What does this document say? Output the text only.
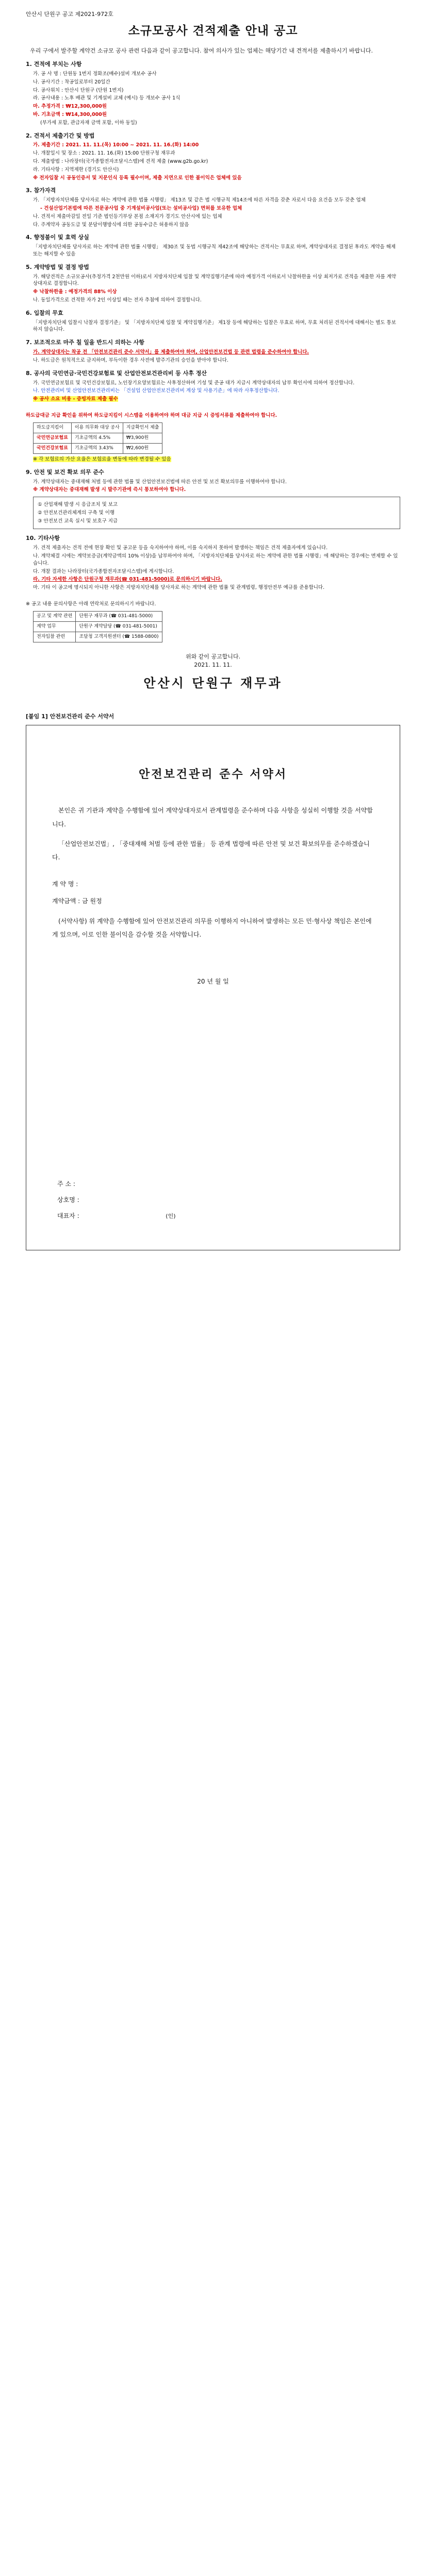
안산시 단원구 공고 제2021-972호
소규모공사 견적제출 안내 공고
우리 구에서 발주할 계약건 소규모 공사 관련 다음과 같이 공고합니다. 참여 의사가 있는 업체는 해당기간 내 견적서를 제출하시기 바랍니다.
1. 견적에 부치는 사항
가. 공 사 명 : 단원동 1번지 정화조(배수)설비 개보수 공사
나. 공사기간 : 착공일로부터 20일간
다. 공사위치 : 안산시 단원구 (단원 1번지)
라. 공사내용 : 노후 배관 및 기계설비 교체 (예시) 등 개보수 공사 1식
마. 추정가격 : ₩12,300,000원
바. 기초금액 : ₩14,300,000원
(부가세 포함, 관급자재 금액 포함, 이하 동일)
2. 견적서 제출기간 및 방법
가. 제출기간 : 2021. 11. 11.(목) 10:00 ~ 2021. 11. 16.(화) 14:00
나. 개찰일시 및 장소 : 2021. 11. 16.(화) 15:00 단원구청 재무과
다. 제출방법 : 나라장터(국가종합전자조달시스템)에 견적 제출 (www.g2b.go.kr)
라. 기타사항 : 지역제한 (경기도 안산시)
※ 전자입찰 시 공동인증서 및 지문인식 등록 필수이며, 제출 지연으로 인한 불이익은 업체에 있음
3. 참가자격
가. 「지방자치단체를 당사자로 하는 계약에 관한 법률 시행령」 제13조 및 같은 법 시행규칙 제14조에 따른 자격을 갖춘 자로서 다음 요건을 모두 갖춘 업체
- 건설산업기본법에 따른 전문공사업 중 기계설비공사업(또는 설비공사업) 면허를 보유한 업체
나. 견적서 제출마감일 전일 기준 법인등기부상 본점 소재지가 경기도 안산시에 있는 업체
다. 주계약자 공동도급 및 분담이행방식에 의한 공동수급은 허용하지 않음
4. 향정불이 및 효력 상실
「지방자치단체를 당사자로 하는 계약에 관한 법률 시행령」 제30조 및 동법 시행규칙 제42조에 해당하는 견적서는 무효로 하며, 계약상대자로 결정된 후라도 계약을 해제 또는 해지할 수 있음
5. 계약방법 및 결정 방법
가. 해당견적은 소규모공사(추정가격 2천만원 이하)로서 지방자치단체 입찰 및 계약집행기준에 따라 예정가격 이하로서 낙찰하한율 이상 최저가로 견적을 제출한 자를 계약상대자로 결정합니다.
※ 낙찰하한율 : 예정가격의 88% 이상
나. 동일가격으로 견적한 자가 2인 이상일 때는 전자 추첨에 의하여 결정합니다.
6. 입찰의 무효
「지방자치단체 입찰시 낙찰자 결정기준」 및 「지방자치단체 입찰 및 계약집행기준」 제1장 등에 해당하는 입찰은 무효로 하며, 무효 처리된 견적서에 대해서는 별도 통보하지 않습니다.
7. 보조적으로 마주 칠 일을 반드시 의하는 사항
가. 계약상대자는 착공 전 「안전보건관리 준수 서약서」를 제출하여야 하며, 산업안전보건법 등 관련 법령을 준수하여야 합니다.
나. 하도급은 원칙적으로 금지하며, 부득이한 경우 사전에 발주기관의 승인을 받아야 합니다.
8. 공사의 국민연금·국민건강보험료 및 산업안전보건관리비 등 사후 정산
가. 국민연금보험료 및 국민건강보험료, 노인장기요양보험료는 사후정산하며 기성 및 준공 대가 지급시 계약상대자의 납부 확인서에 의하여 정산합니다.
나. 안전관리비 및 산업안전보건관리비는 「건설업 산업안전보건관리비 계상 및 사용기준」에 따라 사후정산합니다.
※ 공사 소요 비용 - 증빙자료 제출 필수
하도급대금 지급 확인을 위하여 하도급지킴이 시스템을 이용하여야 하며 대금 지급 시 증빙서류를 제출하여야 합니다.
하도급지킴이	이용 의무화 대상 공사	지급확인서 제출
국민연금보험료	기초금액의 4.5%	₩3,900원
국민건강보험료	기초금액의 3.43%	₩2,600원
※ 각 보험료의 가산 요율은 보험료율 변동에 따라 변경될 수 있음
9. 안전 및 보건 확보 의무 준수
가. 계약상대자는 중대재해 처벌 등에 관한 법률 및 산업안전보건법에 따른 안전 및 보건 확보의무를 이행하여야 합니다.
※ 계약상대자는 중대재해 발생 시 발주기관에 즉시 통보하여야 합니다.
① 산업재해 발생 시 응급조치 및 보고
② 안전보건관리체계의 구축 및 이행
③ 안전보건 교육 실시 및 보호구 지급
10. 기타사항
가. 견적 제출자는 견적 전에 현장 확인 및 공고문 등을 숙지하여야 하며, 이를 숙지하지 못하여 발생하는 책임은 견적 제출자에게 있습니다.
나. 계약체결 시에는 계약보증금(계약금액의 10% 이상)을 납부하여야 하며, 「지방자치단체를 당사자로 하는 계약에 관한 법률 시행령」에 해당하는 경우에는 면제할 수 있습니다.
다. 개찰 결과는 나라장터(국가종합전자조달시스템)에 게시합니다.
라. 기타 자세한 사항은 단원구청 재무과(☎ 031-481-5000)로 문의하시기 바랍니다.
마. 기타 이 공고에 명시되지 아니한 사항은 지방자치단체를 당사자로 하는 계약에 관한 법률 및 관계법령, 행정안전부 예규를 준용합니다.
※ 공고 내용 문의사항은 아래 연락처로 문의하시기 바랍니다.
공고 및 계약 관련	단원구 재무과 (☎ 031-481-5000)
계약 업무	단원구 계약담당 (☎ 031-481-5001)
전자입찰 관련	조달청 고객지원센터 (☎ 1588-0800)
위와 같이 공고합니다.
2021. 11. 11.
안산시 단원구 재무과
[붙임 1] 안전보건관리 준수 서약서
안전보건관리 준수 서약서

본인은 귀 기관과 계약을 수행함에 있어 계약상대자로서 관계법령을 준수하며 다음 사항을 성실히 이행할 것을 서약합니다.

「산업안전보건법」, 「중대재해 처벌 등에 관한 법률」 등 관계 법령에 따른 안전 및 보건 확보의무를 준수하겠습니다.

계 약 명 :
계약금액 : 금 원정

(서약사항) 위 계약을 수행함에 있어 안전보건관리 의무를 이행하지 아니하여 발생하는 모든 민·형사상 책임은 본인에게 있으며, 이로 인한 불이익을 감수할 것을 서약합니다.

20 년 월 일
주 소 :
상호명 :
대표자 :	(인)
